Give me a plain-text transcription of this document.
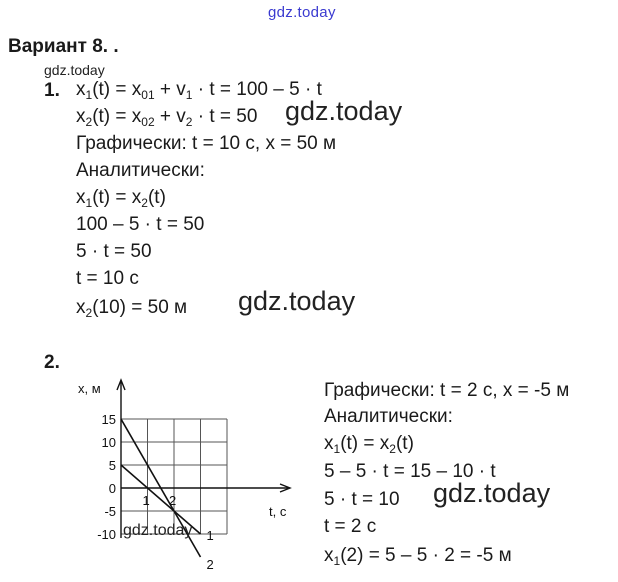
gdz.today
Вариант 8. .
gdz.today
1. $x_1(t) = x_{01} + v_1 \cdot t = 100 - 5 \cdot t$
$x_2(t) = x_{02} + v_2 \cdot t = 50$ gdz.today
Графически: t = 10 с, x = 50 м
Аналитически:
$x_1(t) = x_2(t)$
100 – 5 · t = 50
5 · t = 50
t = 10 с
$x_2(10) = 50$ м gdz.today
2.
x, м
t, с
15
10
5
0
-5
-10
1 2
1
2
gdz.today
Графически: t = 2 с, x = -5 м
Аналитически:
$x_1(t) = x_2(t)$
5 – 5 · t = 15 – 10 · t
5 · t = 10 gdz.today
t = 2 с
$x_1(2) = 5 - 5 \cdot 2 = -5$ м
